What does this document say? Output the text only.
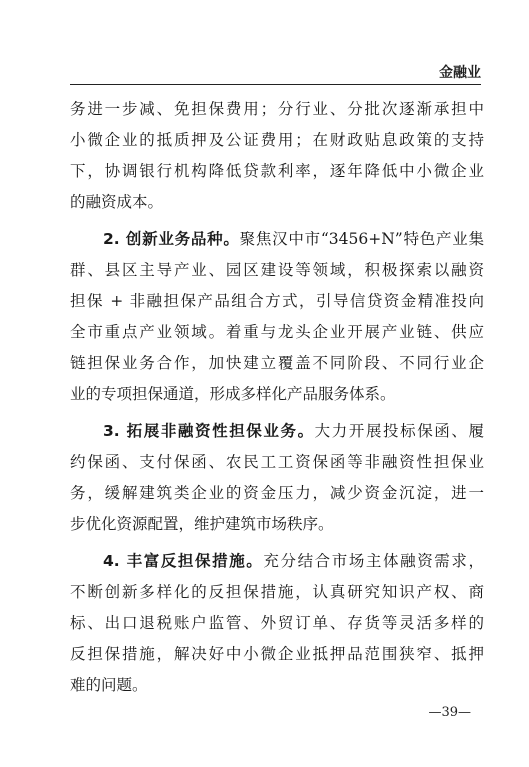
金融业
务进一步减、免担保费用；分行业、分批次逐渐承担中
小微企业的抵质押及公证费用；在财政贴息政策的支持
下，协调银行机构降低贷款利率，逐年降低中小微企业
的融资成本。
2. 创新业务品种。聚焦汉中市“3456+N”特色产业集
群、县区主导产业、园区建设等领域，积极探索以融资
担保 + 非融担保产品组合方式，引导信贷资金精准投向
全市重点产业领域。着重与龙头企业开展产业链、供应
链担保业务合作，加快建立覆盖不同阶段、不同行业企
业的专项担保通道，形成多样化产品服务体系。
3. 拓展非融资性担保业务。大力开展投标保函、履
约保函、支付保函、农民工工资保函等非融资性担保业
务，缓解建筑类企业的资金压力，减少资金沉淀，进一
步优化资源配置，维护建筑市场秩序。
4. 丰富反担保措施。充分结合市场主体融资需求，
不断创新多样化的反担保措施，认真研究知识产权、商
标、出口退税账户监管、外贸订单、存货等灵活多样的
反担保措施，解决好中小微企业抵押品范围狭窄、抵押
难的问题。
—39—
